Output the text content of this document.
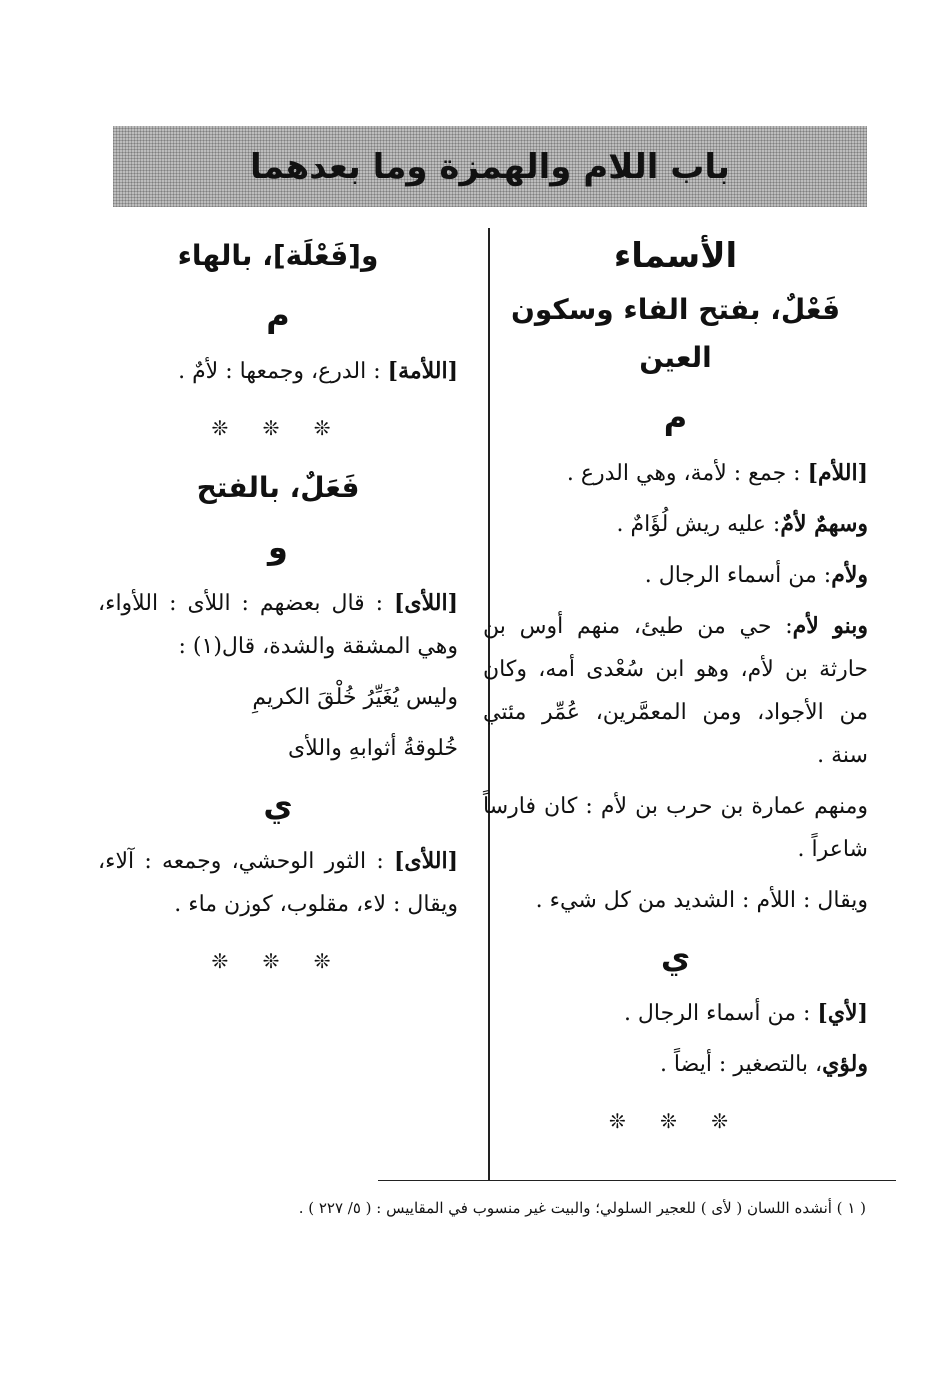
باب اللام والهمزة وما بعدهما
الأسماء
فَعْلٌ، بفتح الفاء وسكون العين
م
[اللأم] : جمع : لأمة، وهي الدرع .
وسهمٌ لأمٌ: عليه ريش لُؤَامٌ .
ولأم: من أسماء الرجال .
وبنو لأم: حي من طيئ، منهم أوس بن حارثة بن لأم، وهو ابن سُعْدى أمه، وكان من الأجواد، ومن المعمَّرين، عُمِّر مئتي سنة .
ومنهم عمارة بن حرب بن لأم : كان فارساً شاعراً .
ويقال : اللأم : الشديد من كل شيء .
ي
[لأي] : من أسماء الرجال .
ولؤي، بالتصغير : أيضاً .
❊ ❊ ❊
و[فَعْلَة]، بالهاء
م
[اللأمة] : الدرع، وجمعها : لأمٌ .
❊ ❊ ❊
فَعَلٌ، بالفتح
و
[اللأى] : قال بعضهم : اللأى : اللأواء، وهي المشقة والشدة، قال(١) :
وليس يُغَيِّرُ خُلْقَ الكريمِ
خُلوقةُ أثوابهِ واللأى
ي
[اللأى] : الثور الوحشي، وجمعه : آلاء، ويقال : لاء، مقلوب، كوزن ماء .
❊ ❊ ❊
( ١ ) أنشده اللسان ( لأى ) للعجير السلولي؛ والبيت غير منسوب في المقاييس : ( ٥/ ٢٢٧ ) .
